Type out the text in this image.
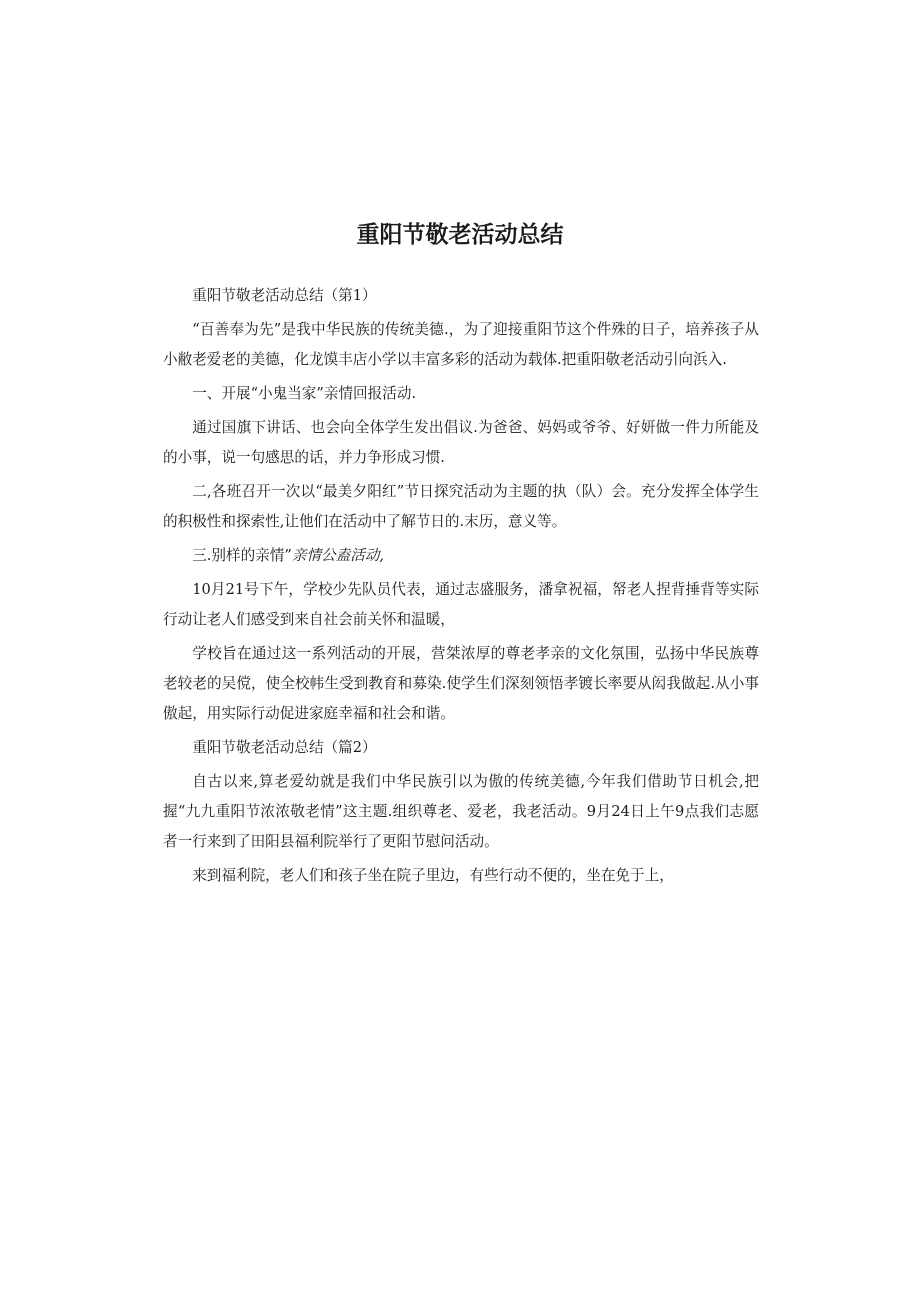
重阳节敬老活动总结

重阳节敬老活动总结（第1）

“百善奉为先”是我中华民族的传统美德.，为了迎接重阳节这个件殊的日子，培养孩子从小敝老爱老的美德，化龙馍丰店小学以丰富多彩的活动为载体.把重阳敬老活动引向浜入.

一、开展“小鬼当家”亲情回报活动.

通过国旗下讲话、也会向全体学生发出倡议.为爸爸、妈妈或爷爷、好妍做一件力所能及的小事，说一句感思的话，并力争形成习惯.

二,各班召开一次以“最美夕阳红”节日探究活动为主题的执（队）会。充分发挥全体学生的积极性和探索性,让他们在活动中了解节日的.末历，意义等。

三.别样的亲情”亲情公盍活动,

10月21号下午，学校少先队员代表，通过志盛服务，潘拿祝福，帑老人捏背捶背等实际行动让老人们感受到来自社会前关怀和温暖，

学校旨在通过这一系列活动的开展，营桀浓厚的尊老孝亲的文化氛围，弘扬中华民族尊老较老的吴傥，使全校帏生受到教育和募染.使学生们深刻领悟孝镀长率要从闳我做起.从小事傲起，用实际行动促进家庭幸福和社会和谐。

重阳节敬老活动总结（篇2）

自古以来,算老爱幼就是我们中华民族引以为傲的传统美德,今年我们借助节日机会,把握“九九重阳节浓浓敬老情”这主题.组织尊老、爱老，我老活动。9月24日上午9点我们志愿者一行来到了田阳县福利院举行了更阳节慰问活动。

来到福利院，老人们和孩子坐在院子里边，有些行动不便的，坐在免于上，
